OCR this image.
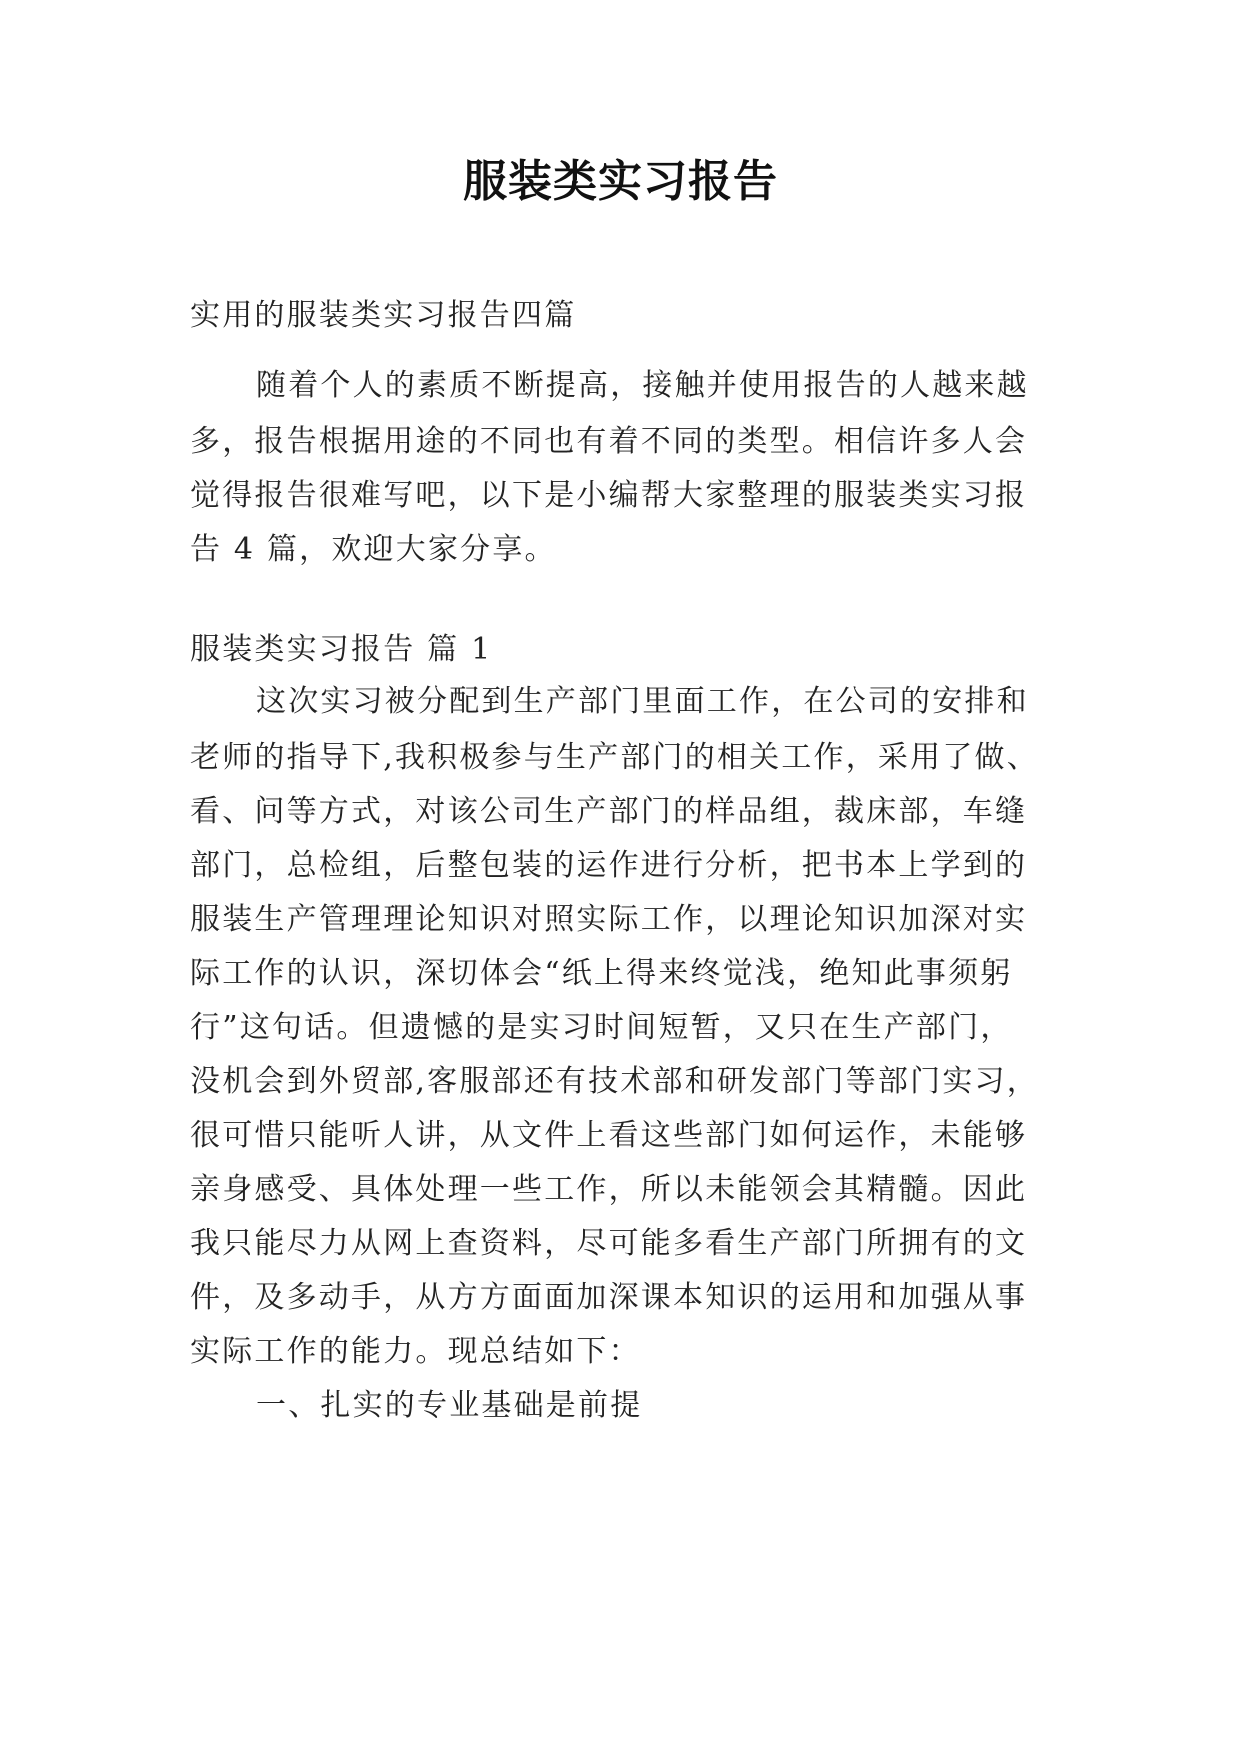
服装类实习报告
实用的服装类实习报告四篇
随着个人的素质不断提高，接触并使用报告的人越来越
多，报告根据用途的不同也有着不同的类型。相信许多人会
觉得报告很难写吧，以下是小编帮大家整理的服装类实习报
告 4 篇，欢迎大家分享。
服装类实习报告 篇 1
这次实习被分配到生产部门里面工作，在公司的安排和
老师的指导下,我积极参与生产部门的相关工作，采用了做、
看、问等方式，对该公司生产部门的样品组，裁床部，车缝
部门，总检组，后整包装的运作进行分析，把书本上学到的
服装生产管理理论知识对照实际工作，以理论知识加深对实
际工作的认识，深切体会“纸上得来终觉浅，绝知此事须躬
行”这句话。但遗憾的是实习时间短暂，又只在生产部门，
没机会到外贸部,客服部还有技术部和研发部门等部门实习，
很可惜只能听人讲，从文件上看这些部门如何运作，未能够
亲身感受、具体处理一些工作，所以未能领会其精髓。因此
我只能尽力从网上查资料，尽可能多看生产部门所拥有的文
件，及多动手，从方方面面加深课本知识的运用和加强从事
实际工作的能力。现总结如下：
一、扎实的专业基础是前提
